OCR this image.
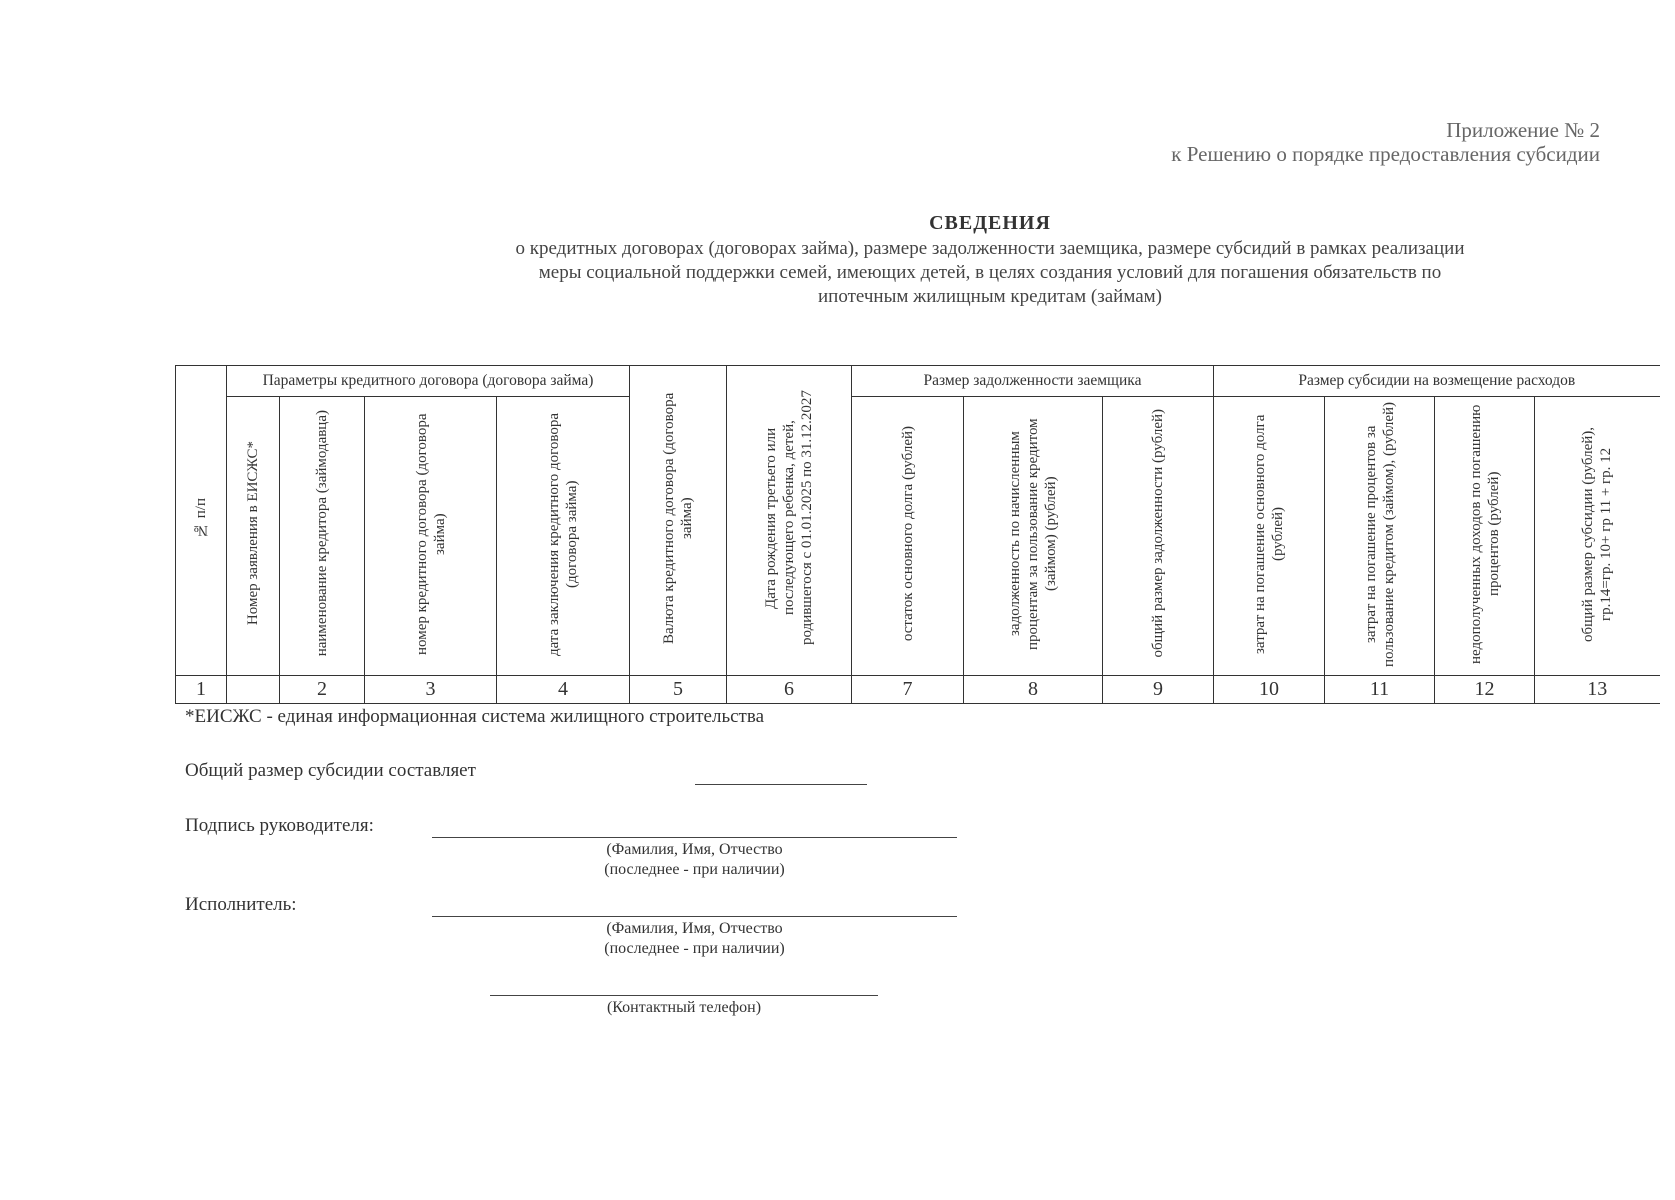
Приложение № 2
к Решению о порядке предоставления субсидии
СВЕДЕНИЯ
о кредитных договорах (договорах займа), размере задолженности заемщика, размере субсидий в рамках реализации
меры социальной поддержки семей, имеющих детей, в целях создания условий для погашения обязательств по
ипотечным жилищным кредитам (займам)
№ п/п	Параметры кредитного договора (договора займа)				Валюта кредитного договора (договора займа)	Дата рождения третьего или последующего ребенка, детей, родившегося с 01.01.2025 по 31.12.2027	Размер задолженности заемщика			Размер субсидии на возмещение расходов			
	Номер заявления в ЕИСЖС*	наименование кредитора (займодавца)	номер кредитного договора (договора займа)	дата заключения кредитного договора (договора займа)			остаток основного долга (рублей)	задолженность по начисленным процентам за пользование кредитом (займом) (рублей)	общий размер задолженности (рублей)	затрат на погашение основного долга (рублей)	затрат на погашение процентов за пользование кредитом (займом), (рублей)	недополученных доходов по погашению процентов (рублей)	общий размер субсидии (рублей), гр.14=гр. 10+ гр 11 + гр. 12
1		2	3	4	5	6	7	8	9	10	11	12	13
*ЕИСЖС - единая информационная система жилищного строительства
Общий размер субсидии составляет
Подпись руководителя:
(Фамилия, Имя, Отчество
(последнее - при наличии)
Исполнитель:
(Фамилия, Имя, Отчество
(последнее - при наличии)
(Контактный телефон)
